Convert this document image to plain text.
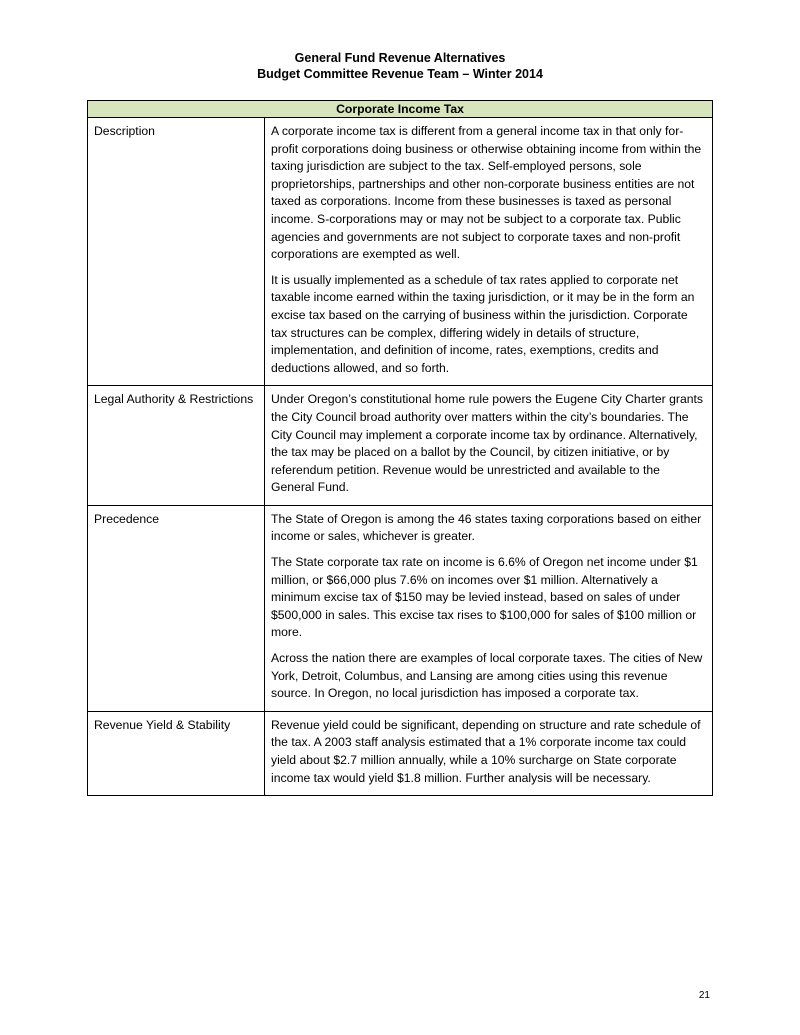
General Fund Revenue Alternatives
Budget Committee Revenue Team – Winter 2014
Corporate Income Tax	
Description	A corporate income tax is different from a general income tax in that only for-profit corporations doing business or otherwise obtaining income from within the taxing jurisdiction are subject to the tax. Self-employed persons, sole proprietorships, partnerships and other non-corporate business entities are not taxed as corporations. Income from these businesses is taxed as personal income. S-corporations may or may not be subject to a corporate tax. Public agencies and governments are not subject to corporate taxes and non-profit corporations are exempted as well.

It is usually implemented as a schedule of tax rates applied to corporate net taxable income earned within the taxing jurisdiction, or it may be in the form an excise tax based on the carrying of business within the jurisdiction. Corporate tax structures can be complex, differing widely in details of structure, implementation, and definition of income, rates, exemptions, credits and deductions allowed, and so forth.

Legal Authority & Restrictions	Under Oregon’s constitutional home rule powers the Eugene City Charter grants the City Council broad authority over matters within the city’s boundaries. The City Council may implement a corporate income tax by ordinance. Alternatively, the tax may be placed on a ballot by the Council, by citizen initiative, or by referendum petition. Revenue would be unrestricted and available to the General Fund.

Precedence	The State of Oregon is among the 46 states taxing corporations based on either income or sales, whichever is greater.

The State corporate tax rate on income is 6.6% of Oregon net income under $1 million, or $66,000 plus 7.6% on incomes over $1 million. Alternatively a minimum excise tax of $150 may be levied instead, based on sales of under $500,000 in sales. This excise tax rises to $100,000 for sales of $100 million or more.

Across the nation there are examples of local corporate taxes. The cities of New York, Detroit, Columbus, and Lansing are among cities using this revenue source. In Oregon, no local jurisdiction has imposed a corporate tax.

Revenue Yield & Stability	Revenue yield could be significant, depending on structure and rate schedule of the tax. A 2003 staff analysis estimated that a 1% corporate income tax could yield about $2.7 million annually, while a 10% surcharge on State corporate income tax would yield $1.8 million. Further analysis will be necessary.

21
